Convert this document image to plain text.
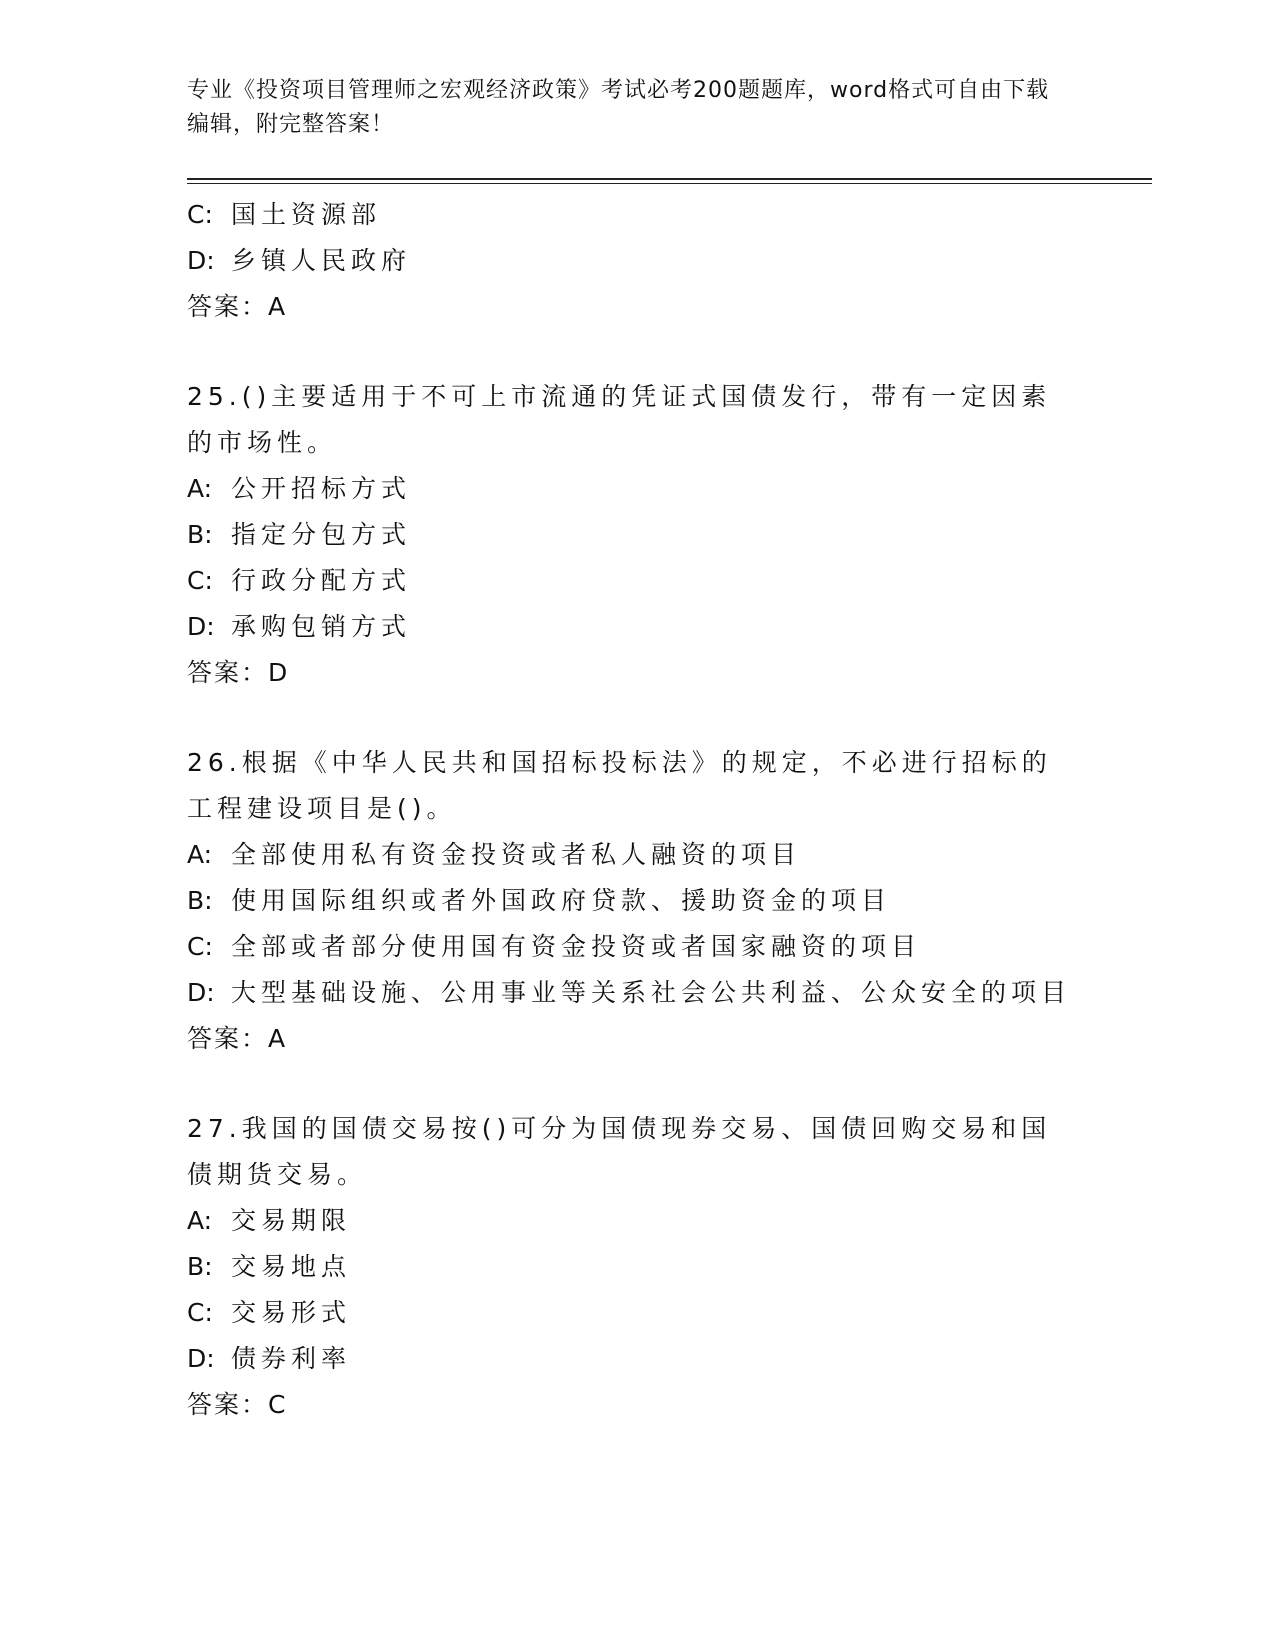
专业《投资项目管理师之宏观经济政策》考试必考200题题库，word格式可自由下载编辑，附完整答案！
C: 国土资源部
D: 乡镇人民政府
答案：A
25.()主要适用于不可上市流通的凭证式国债发行，带有一定因素的市场性。
A: 公开招标方式
B: 指定分包方式
C: 行政分配方式
D: 承购包销方式
答案：D
26.根据《中华人民共和国招标投标法》的规定，不必进行招标的工程建设项目是()。
A: 全部使用私有资金投资或者私人融资的项目
B: 使用国际组织或者外国政府贷款、援助资金的项目
C: 全部或者部分使用国有资金投资或者国家融资的项目
D: 大型基础设施、公用事业等关系社会公共利益、公众安全的项目
答案：A
27.我国的国债交易按()可分为国债现券交易、国债回购交易和国债期货交易。
A: 交易期限
B: 交易地点
C: 交易形式
D: 债券利率
答案：C
